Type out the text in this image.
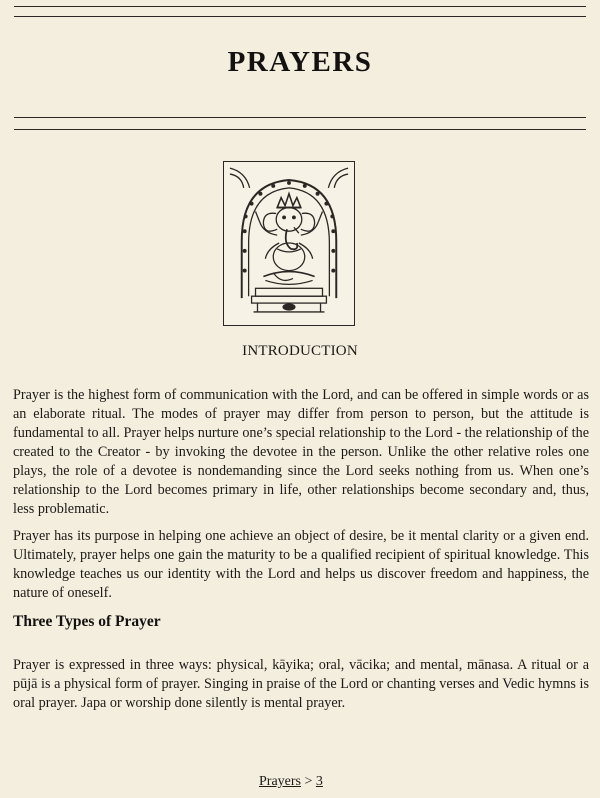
PRAYERS
INTRODUCTION

Prayer is the highest form of communication with the Lord, and can be offered in simple words or as an elaborate ritual. The modes of prayer may differ from person to person, but the attitude is fundamental to all. Prayer helps nurture one’s special relationship to the Lord - the relationship of the created to the Creator - by invoking the devotee in the person. Unlike the other relative roles one plays, the role of a devotee is nondemanding since the Lord seeks nothing from us. When one’s relationship to the Lord becomes primary in life, other relationships become secondary and, thus, less problematic.

Prayer has its purpose in helping one achieve an object of desire, be it mental clarity or a given end. Ultimately, prayer helps one gain the maturity to be a qualified recipient of spiritual knowledge. This knowledge teaches us our identity with the Lord and helps us discover freedom and happiness, the nature of oneself.

Three Types of Prayer

Prayer is expressed in three ways: physical, kāyika; oral, vācika; and mental, mānasa. A ritual or a pūjā is a physical form of prayer. Singing in praise of the Lord or chanting verses and Vedic hymns is oral prayer. Japa or worship done silently is mental prayer.

Prayers > 3
